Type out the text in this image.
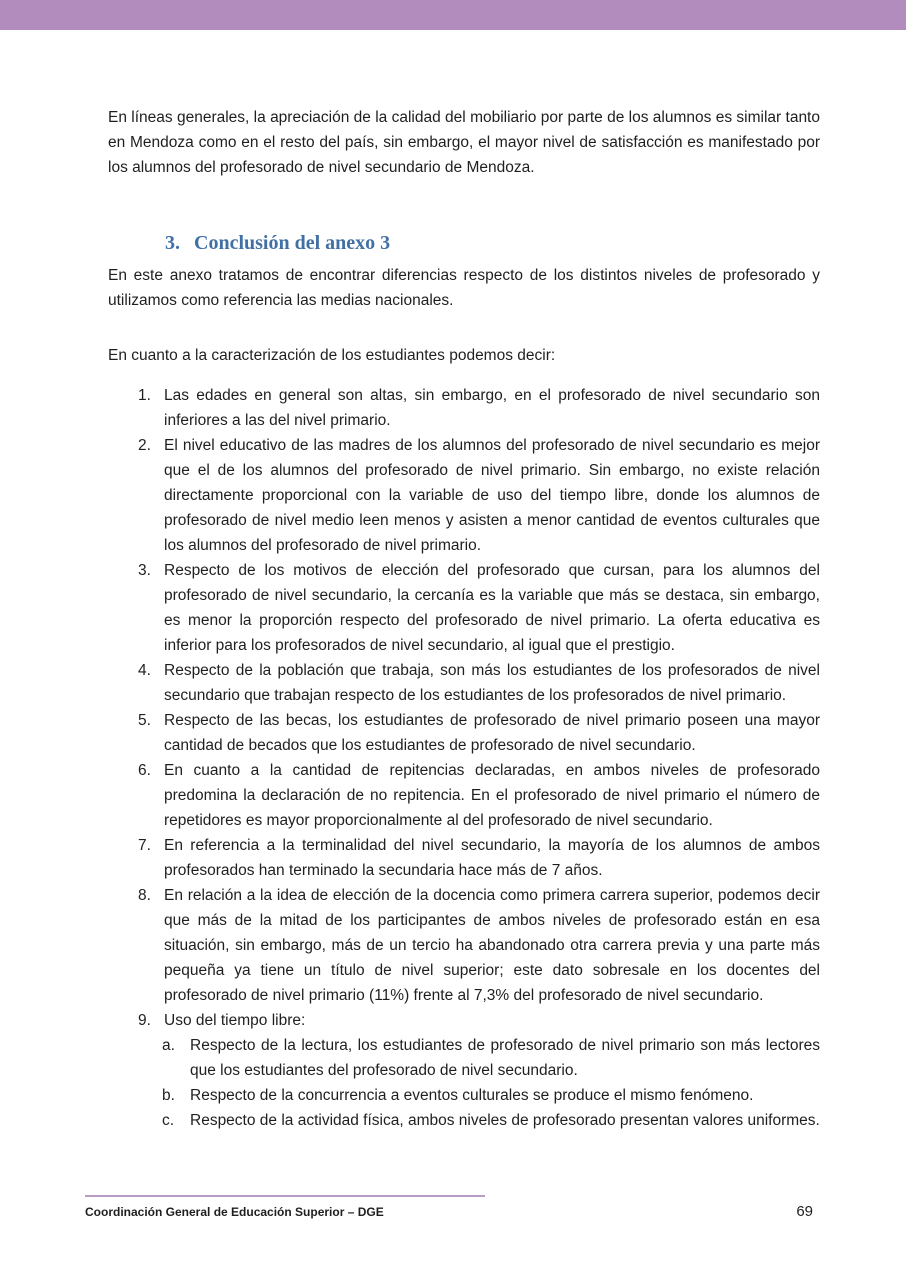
En líneas generales, la apreciación de la calidad del mobiliario por parte de los alumnos es similar tanto en Mendoza como en el resto del país, sin embargo, el mayor nivel de satisfacción es manifestado por los alumnos del profesorado de nivel secundario de Mendoza.

3. Conclusión del anexo 3

En este anexo tratamos de encontrar diferencias respecto de los distintos niveles de profesorado y utilizamos como referencia las medias nacionales.

En cuanto a la caracterización de los estudiantes podemos decir:

1. Las edades en general son altas, sin embargo, en el profesorado de nivel secundario son inferiores a las del nivel primario.
2. El nivel educativo de las madres de los alumnos del profesorado de nivel secundario es mejor que el de los alumnos del profesorado de nivel primario. Sin embargo, no existe relación directamente proporcional con la variable de uso del tiempo libre, donde los alumnos de profesorado de nivel medio leen menos y asisten a menor cantidad de eventos culturales que los alumnos del profesorado de nivel primario.
3. Respecto de los motivos de elección del profesorado que cursan, para los alumnos del profesorado de nivel secundario, la cercanía es la variable que más se destaca, sin embargo, es menor la proporción respecto del profesorado de nivel primario. La oferta educativa es inferior para los profesorados de nivel secundario, al igual que el prestigio.
4. Respecto de la población que trabaja, son más los estudiantes de los profesorados de nivel secundario que trabajan respecto de los estudiantes de los profesorados de nivel primario.
5. Respecto de las becas, los estudiantes de profesorado de nivel primario poseen una mayor cantidad de becados que los estudiantes de profesorado de nivel secundario.
6. En cuanto a la cantidad de repitencias declaradas, en ambos niveles de profesorado predomina la declaración de no repitencia. En el profesorado de nivel primario el número de repetidores es mayor proporcionalmente al del profesorado de nivel secundario.
7. En referencia a la terminalidad del nivel secundario, la mayoría de los alumnos de ambos profesorados han terminado la secundaria hace más de 7 años.
8. En relación a la idea de elección de la docencia como primera carrera superior, podemos decir que más de la mitad de los participantes de ambos niveles de profesorado están en esa situación, sin embargo, más de un tercio ha abandonado otra carrera previa y una parte más pequeña ya tiene un título de nivel superior; este dato sobresale en los docentes del profesorado de nivel primario (11%) frente al 7,3% del profesorado de nivel secundario.
9. Uso del tiempo libre:
a. Respecto de la lectura, los estudiantes de profesorado de nivel primario son más lectores que los estudiantes del profesorado de nivel secundario.
b. Respecto de la concurrencia a eventos culturales se produce el mismo fenómeno.
c.	Respecto de la actividad física, ambos niveles de profesorado presentan valores uniformes.
Coordinación General de Educación Superior – DGE	69
